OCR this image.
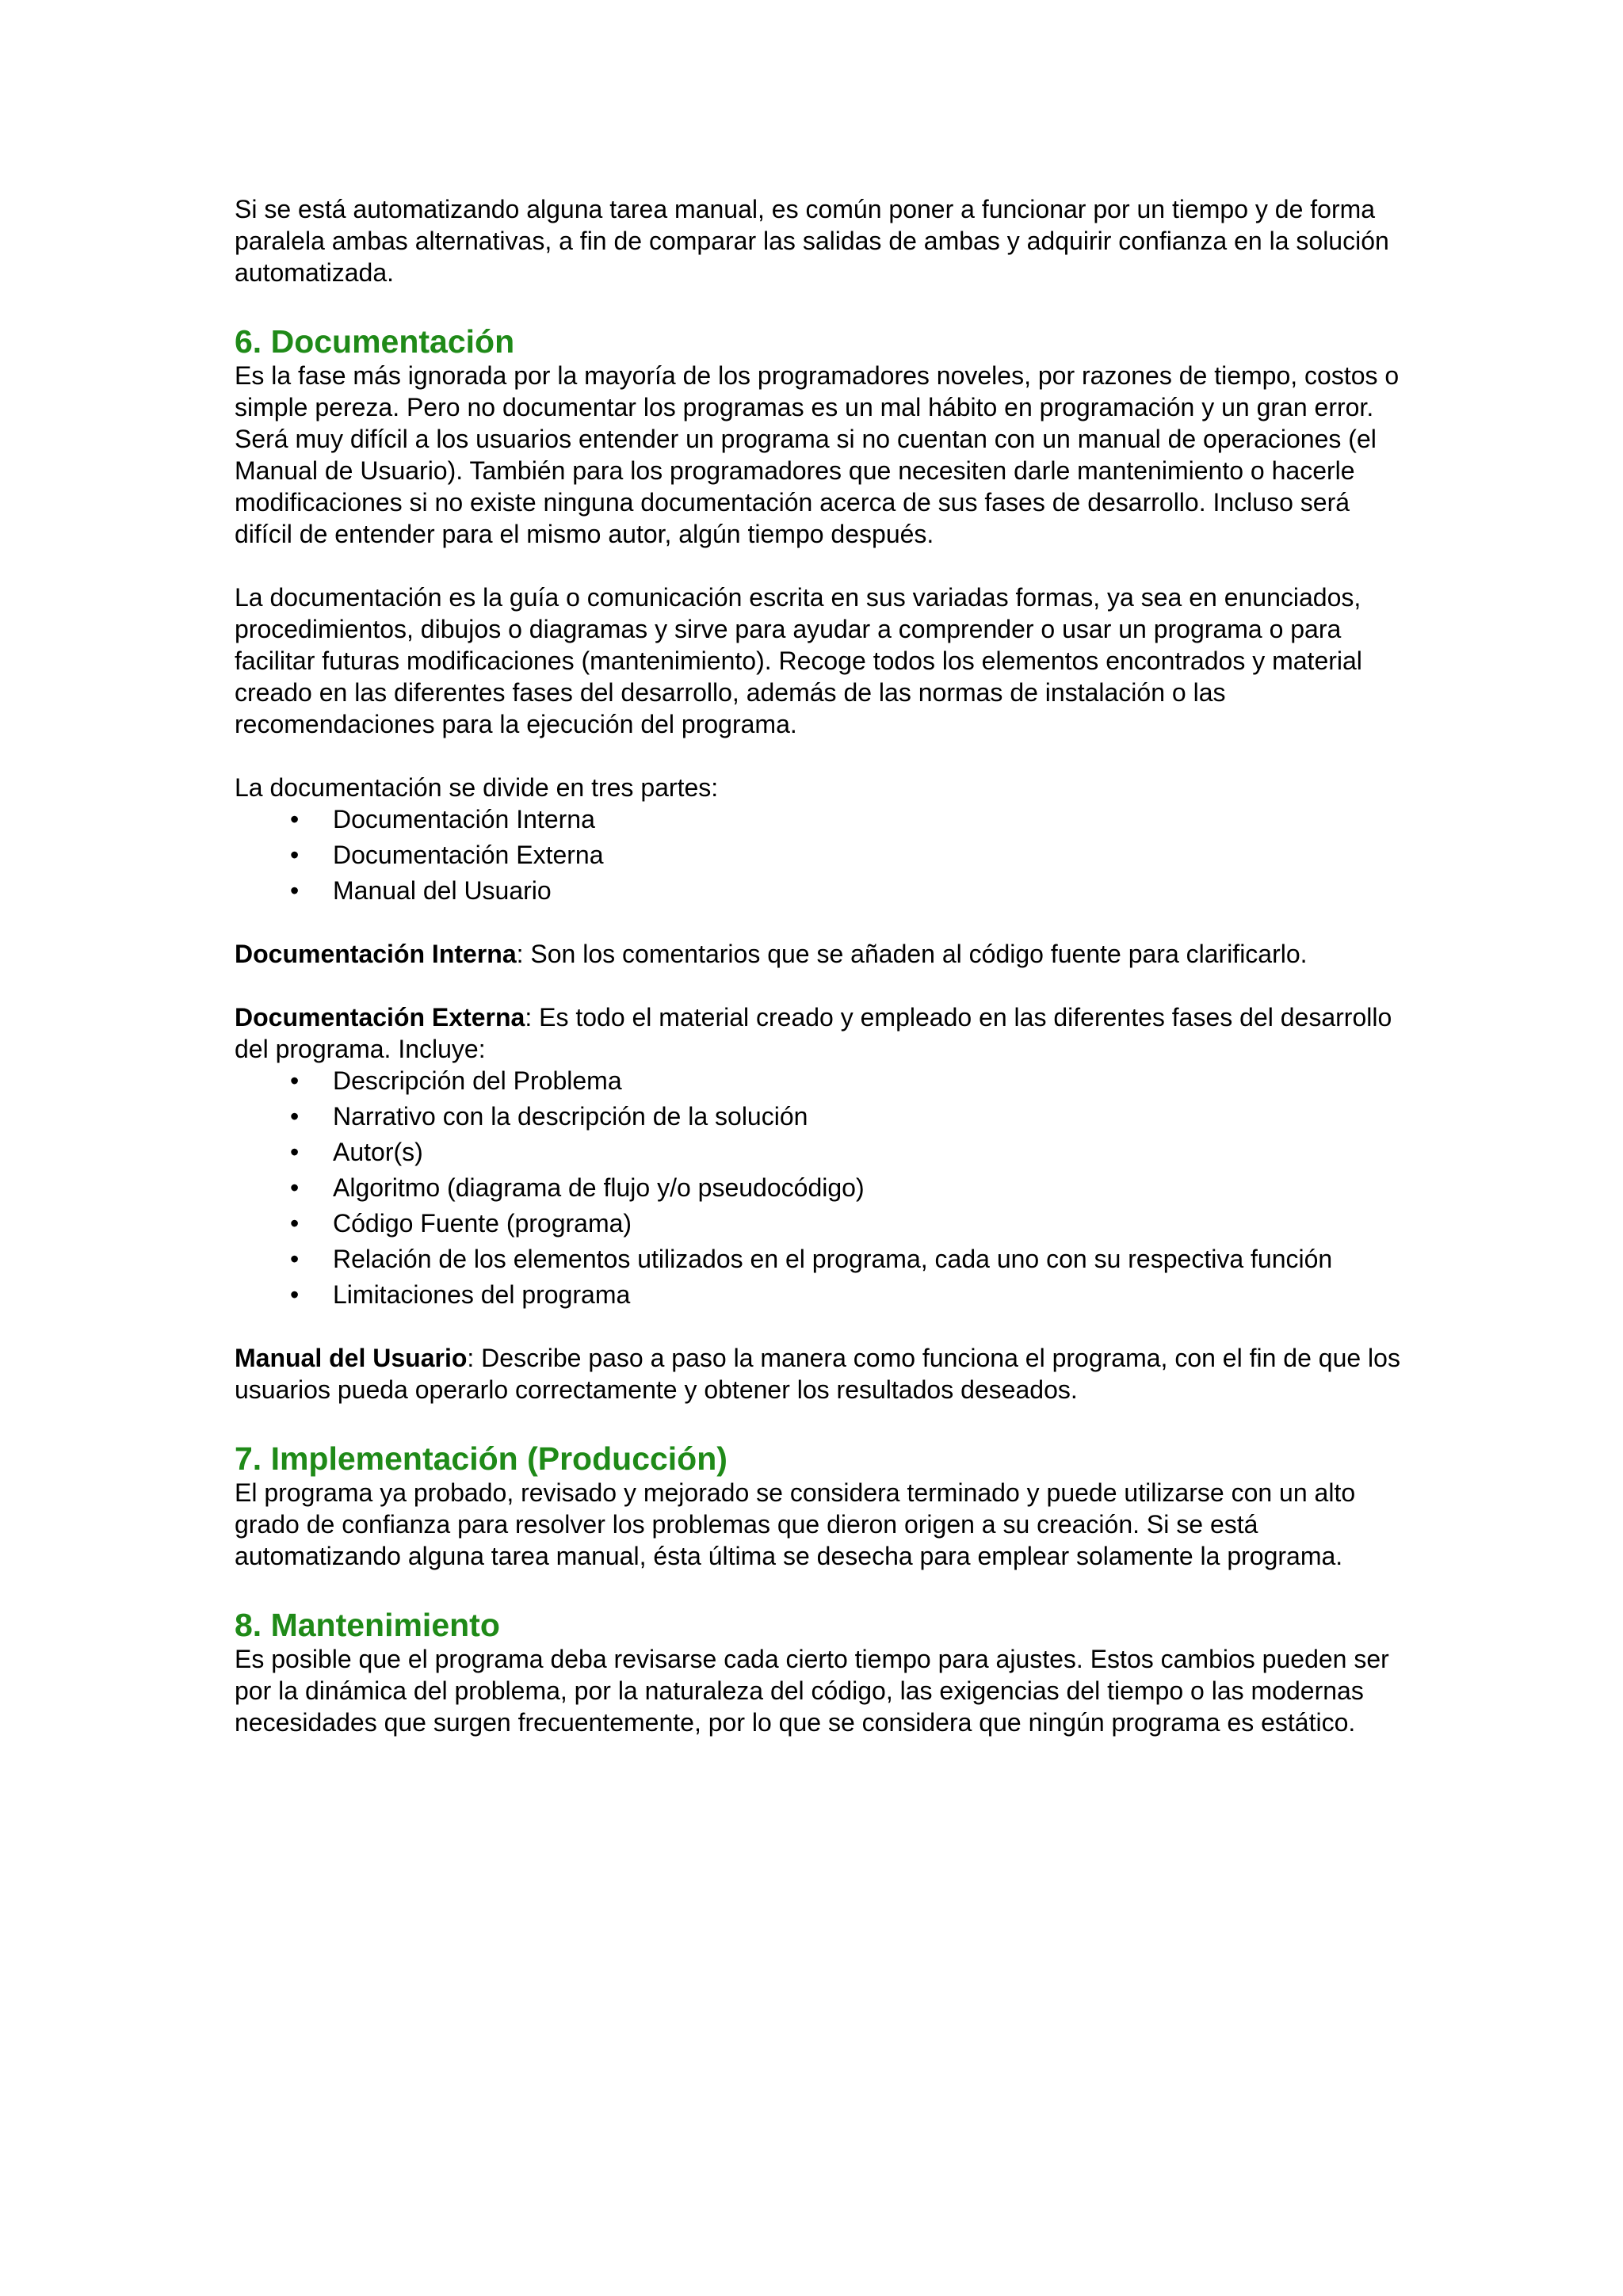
Si se está automatizando alguna tarea manual, es común poner a funcionar por un tiempo y de forma paralela ambas alternativas, a fin de comparar las salidas de ambas y adquirir confianza en la solución automatizada.

6. Documentación

Es la fase más ignorada por la mayoría de los programadores noveles, por razones de tiempo, costos o simple pereza. Pero no documentar los programas es un mal hábito en programación y un gran error. Será muy difícil a los usuarios entender un programa si no cuentan con un manual de operaciones (el Manual de Usuario). También para los programadores que necesiten darle mantenimiento o hacerle modificaciones si no existe ninguna documentación acerca de sus fases de desarrollo. Incluso será difícil de entender para el mismo autor, algún tiempo después.

La documentación es la guía o comunicación escrita en sus variadas formas, ya sea en enunciados, procedimientos, dibujos o diagramas y sirve para ayudar a comprender o usar un programa o para facilitar futuras modificaciones (mantenimiento). Recoge todos los elementos encontrados y material creado en las diferentes fases del desarrollo, además de las normas de instalación o las recomendaciones para la ejecución del programa.

La documentación se divide en tres partes:

• Documentación Interna
• Documentación Externa
• Manual del Usuario

Documentación Interna: Son los comentarios que se añaden al código fuente para clarificarlo.

Documentación Externa: Es todo el material creado y empleado en las diferentes fases del desarrollo del programa. Incluye:

• Descripción del Problema
• Narrativo con la descripción de la solución
• Autor(s)
• Algoritmo (diagrama de flujo y/o pseudocódigo)
• Código Fuente (programa)
• Relación de los elementos utilizados en el programa, cada uno con su respectiva función
• Limitaciones del programa

Manual del Usuario: Describe paso a paso la manera como funciona el programa, con el fin de que los usuarios pueda operarlo correctamente y obtener los resultados deseados.

7. Implementación (Producción)

El programa ya probado, revisado y mejorado se considera terminado y puede utilizarse con un alto grado de confianza para resolver los problemas que dieron origen a su creación. Si se está automatizando alguna tarea manual, ésta última se desecha para emplear solamente la programa.

8. Mantenimiento

Es posible que el programa deba revisarse cada cierto tiempo para ajustes. Estos cambios pueden ser por la dinámica del problema, por la naturaleza del código, las exigencias del tiempo o las modernas necesidades que surgen frecuentemente, por lo que se considera que ningún programa es estático.
